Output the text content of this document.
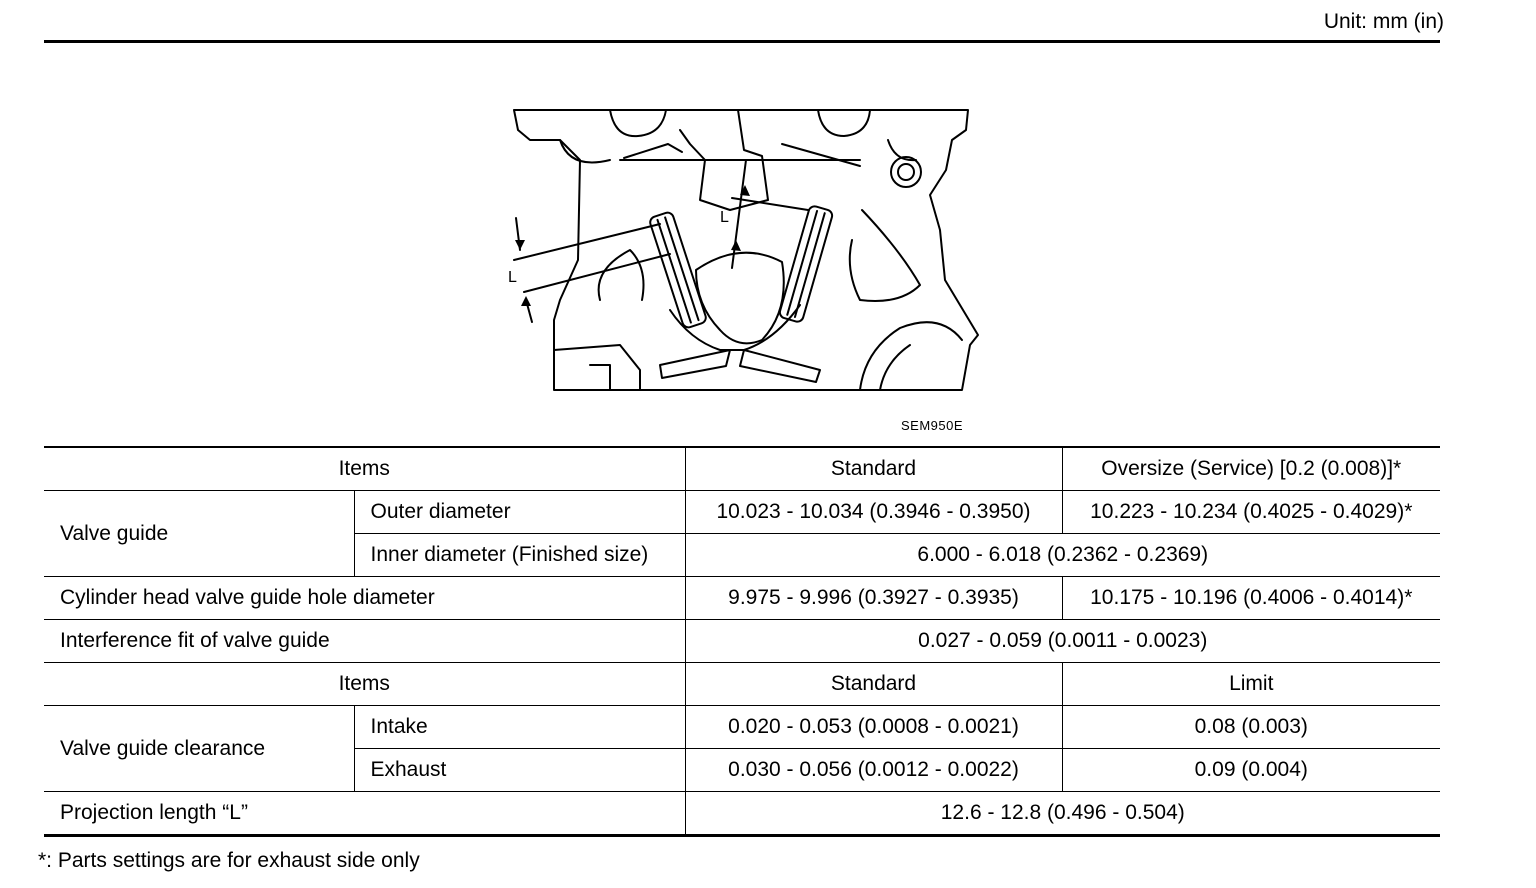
Unit: mm (in)
L
L
SEM950E
Items		Standard	Oversize (Service) [0.2 (0.008)]*
Valve guide	Outer diameter	10.023 - 10.034 (0.3946 - 0.3950)	10.223 - 10.234 (0.4025 - 0.4029)*
	Inner diameter (Finished size)	6.000 - 6.018 (0.2362 - 0.2369)	
Cylinder head valve guide hole diameter		9.975 - 9.996 (0.3927 - 0.3935)	10.175 - 10.196 (0.4006 - 0.4014)*
Interference fit of valve guide		0.027 - 0.059 (0.0011 - 0.0023)	
Items		Standard	Limit
Valve guide clearance	Intake	0.020 - 0.053 (0.0008 - 0.0021)	0.08 (0.003)
	Exhaust	0.030 - 0.056 (0.0012 - 0.0022)	0.09 (0.004)
Projection length “L”		12.6 - 12.8 (0.496 - 0.504)	
*: Parts settings are for exhaust side only
